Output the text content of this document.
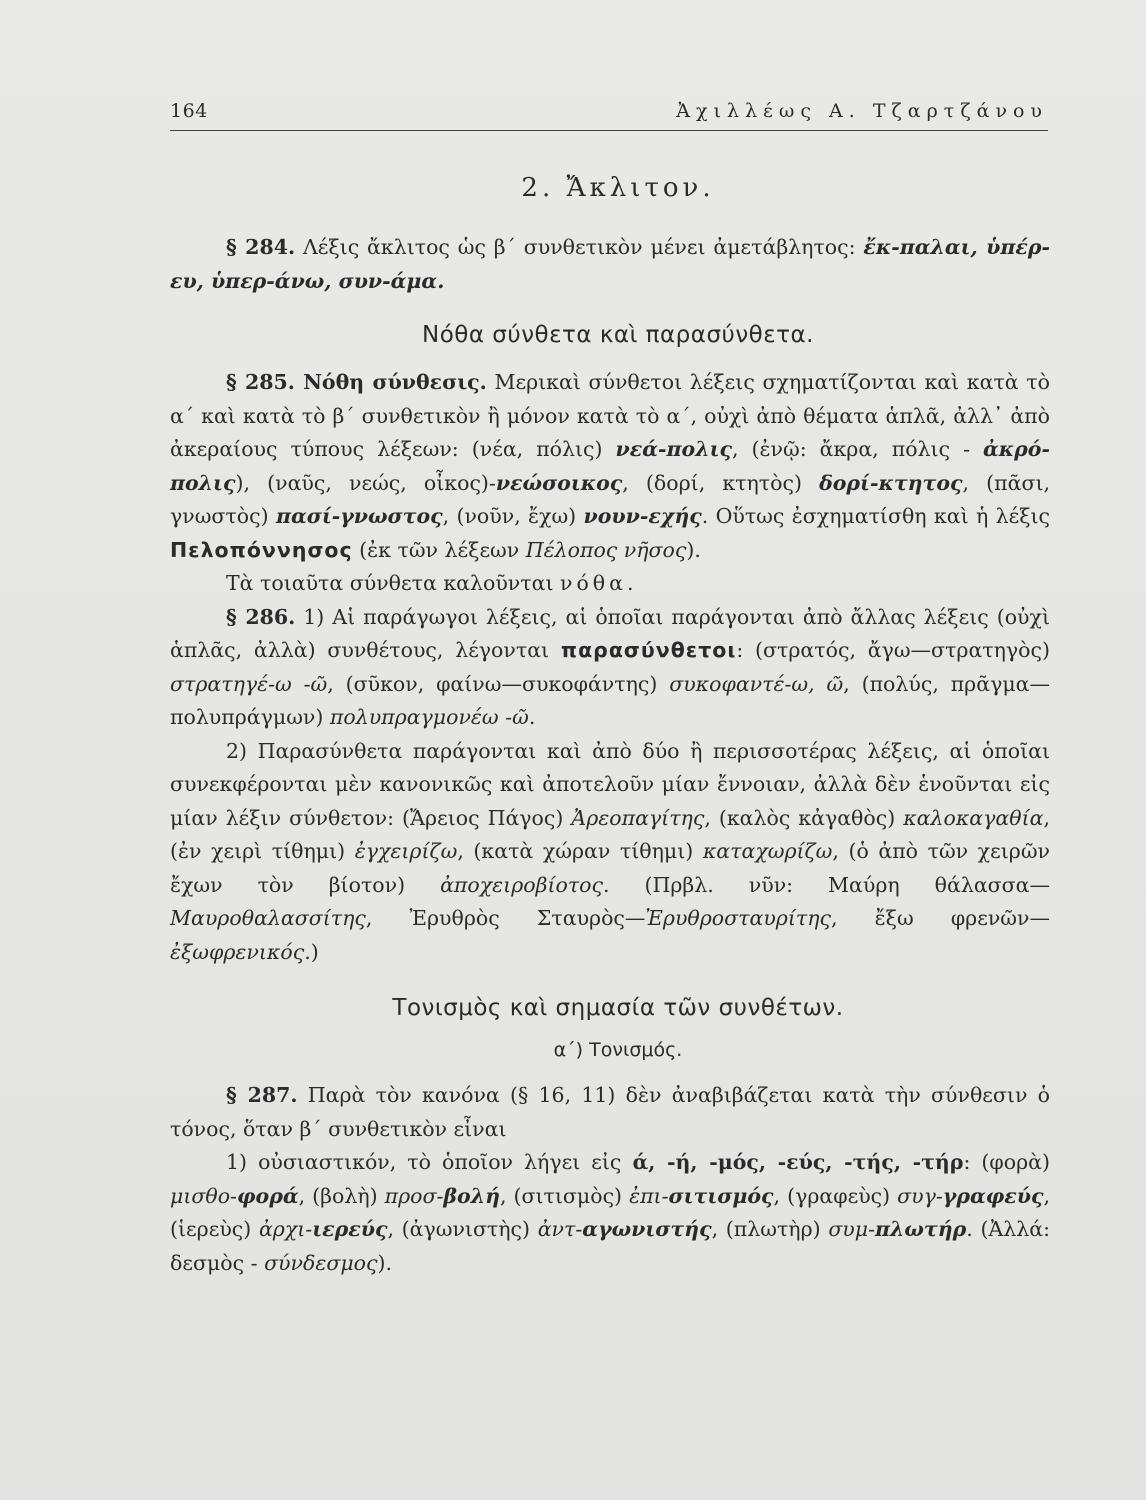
164	Ἀχιλλέως Α. Τζαρτζάνου
2. Ἄκλιτον.

§ 284. Λέξις ἄκλιτος ὡς β΄ συνθετικὸν μένει ἀμετάβλητος: ἔκ-παλαι, ὑπέρ-ευ, ὑπερ-άνω, συν-άμα.

Νόθα σύνθετα καὶ παρασύνθετα.

§ 285. Νόθη σύνθεσις. Μερικαὶ σύνθετοι λέξεις σχηματίζονται καὶ κατὰ τὸ α΄ καὶ κατὰ τὸ β΄ συνθετικὸν ἢ μόνον κατὰ τὸ α΄, οὐχὶ ἀπὸ θέματα ἁπλᾶ, ἀλλ᾽ ἀπὸ ἀκεραίους τύπους λέξεων: (νέα, πόλις) νεά-πολις, (ἐνῷ: ἄκρα, πόλις - ἀκρό-πολις), (ναῦς, νεώς, οἶκος)-νεώσοικος, (δορί, κτητὸς) δορί-κτητος, (πᾶσι, γνωστὸς) πασί-γνωστος, (νοῦν, ἔχω) νουν-εχής. Οὕτως ἐσχηματίσθη καὶ ἡ λέξις Πελοπόννησος (ἐκ τῶν λέξεων Πέλοπος νῆσος).

Τὰ τοιαῦτα σύνθετα καλοῦνται νόθα.

§ 286. 1) Αἱ παράγωγοι λέξεις, αἱ ὁποῖαι παράγονται ἀπὸ ἄλλας λέξεις (οὐχὶ ἁπλᾶς, ἀλλὰ) συνθέτους, λέγονται παρασύνθετοι: (στρατός, ἄγω—στρατηγὸς) στρατηγέ-ω -ῶ, (σῦκον, φαίνω—συκοφάντης) συκοφαντέ-ω, ῶ, (πολύς, πρᾶγμα—πολυπράγμων) πολυπραγμονέω -ῶ.

2) Παρασύνθετα παράγονται καὶ ἀπὸ δύο ἢ περισσοτέρας λέξεις, αἱ ὁποῖαι συνεκφέρονται μὲν κανονικῶς καὶ ἀποτελοῦν μίαν ἔννοιαν, ἀλλὰ δὲν ἑνοῦνται εἰς μίαν λέξιν σύνθετον: (Ἄρειος Πάγος) Ἀρεοπαγίτης, (καλὸς κἀγαθὸς) καλοκαγαθία, (ἐν χειρὶ τίθημι) ἐγχειρίζω, (κατὰ χώραν τίθημι) καταχωρίζω, (ὁ ἀπὸ τῶν χειρῶν ἔχων τὸν βίοτον) ἀποχειροβίοτος. (Πρβλ. νῦν: Μαύρη θάλασσα—Μαυροθαλασσίτης, Ἐρυθρὸς Σταυρὸς—Ἐρυθροσταυρίτης, ἔξω φρενῶν—ἐξωφρενικός.)

Τονισμὸς καὶ σημασία τῶν συνθέτων.
α΄) Τονισμός.

§ 287. Παρὰ τὸν κανόνα (§ 16, 11) δὲν ἀναβιβάζεται κατὰ τὴν σύνθεσιν ὁ τόνος, ὅταν β΄ συνθετικὸν εἶναι

1) οὐσιαστικόν, τὸ ὁποῖον λήγει εἰς ά, -ή, -μός, -εύς, -τής, -τήρ: (φορὰ) μισθο-φορά, (βολὴ) προσ-βολή, (σιτισμὸς) ἐπι-σιτισμός, (γραφεὺς) συγ-γραφεύς, (ἱερεὺς) ἀρχι-ιερεύς, (ἀγωνιστὴς) ἀντ-αγωνιστής, (πλωτὴρ) συμ-πλωτήρ. (Ἀλλά: δεσμὸς - σύνδεσμος).
